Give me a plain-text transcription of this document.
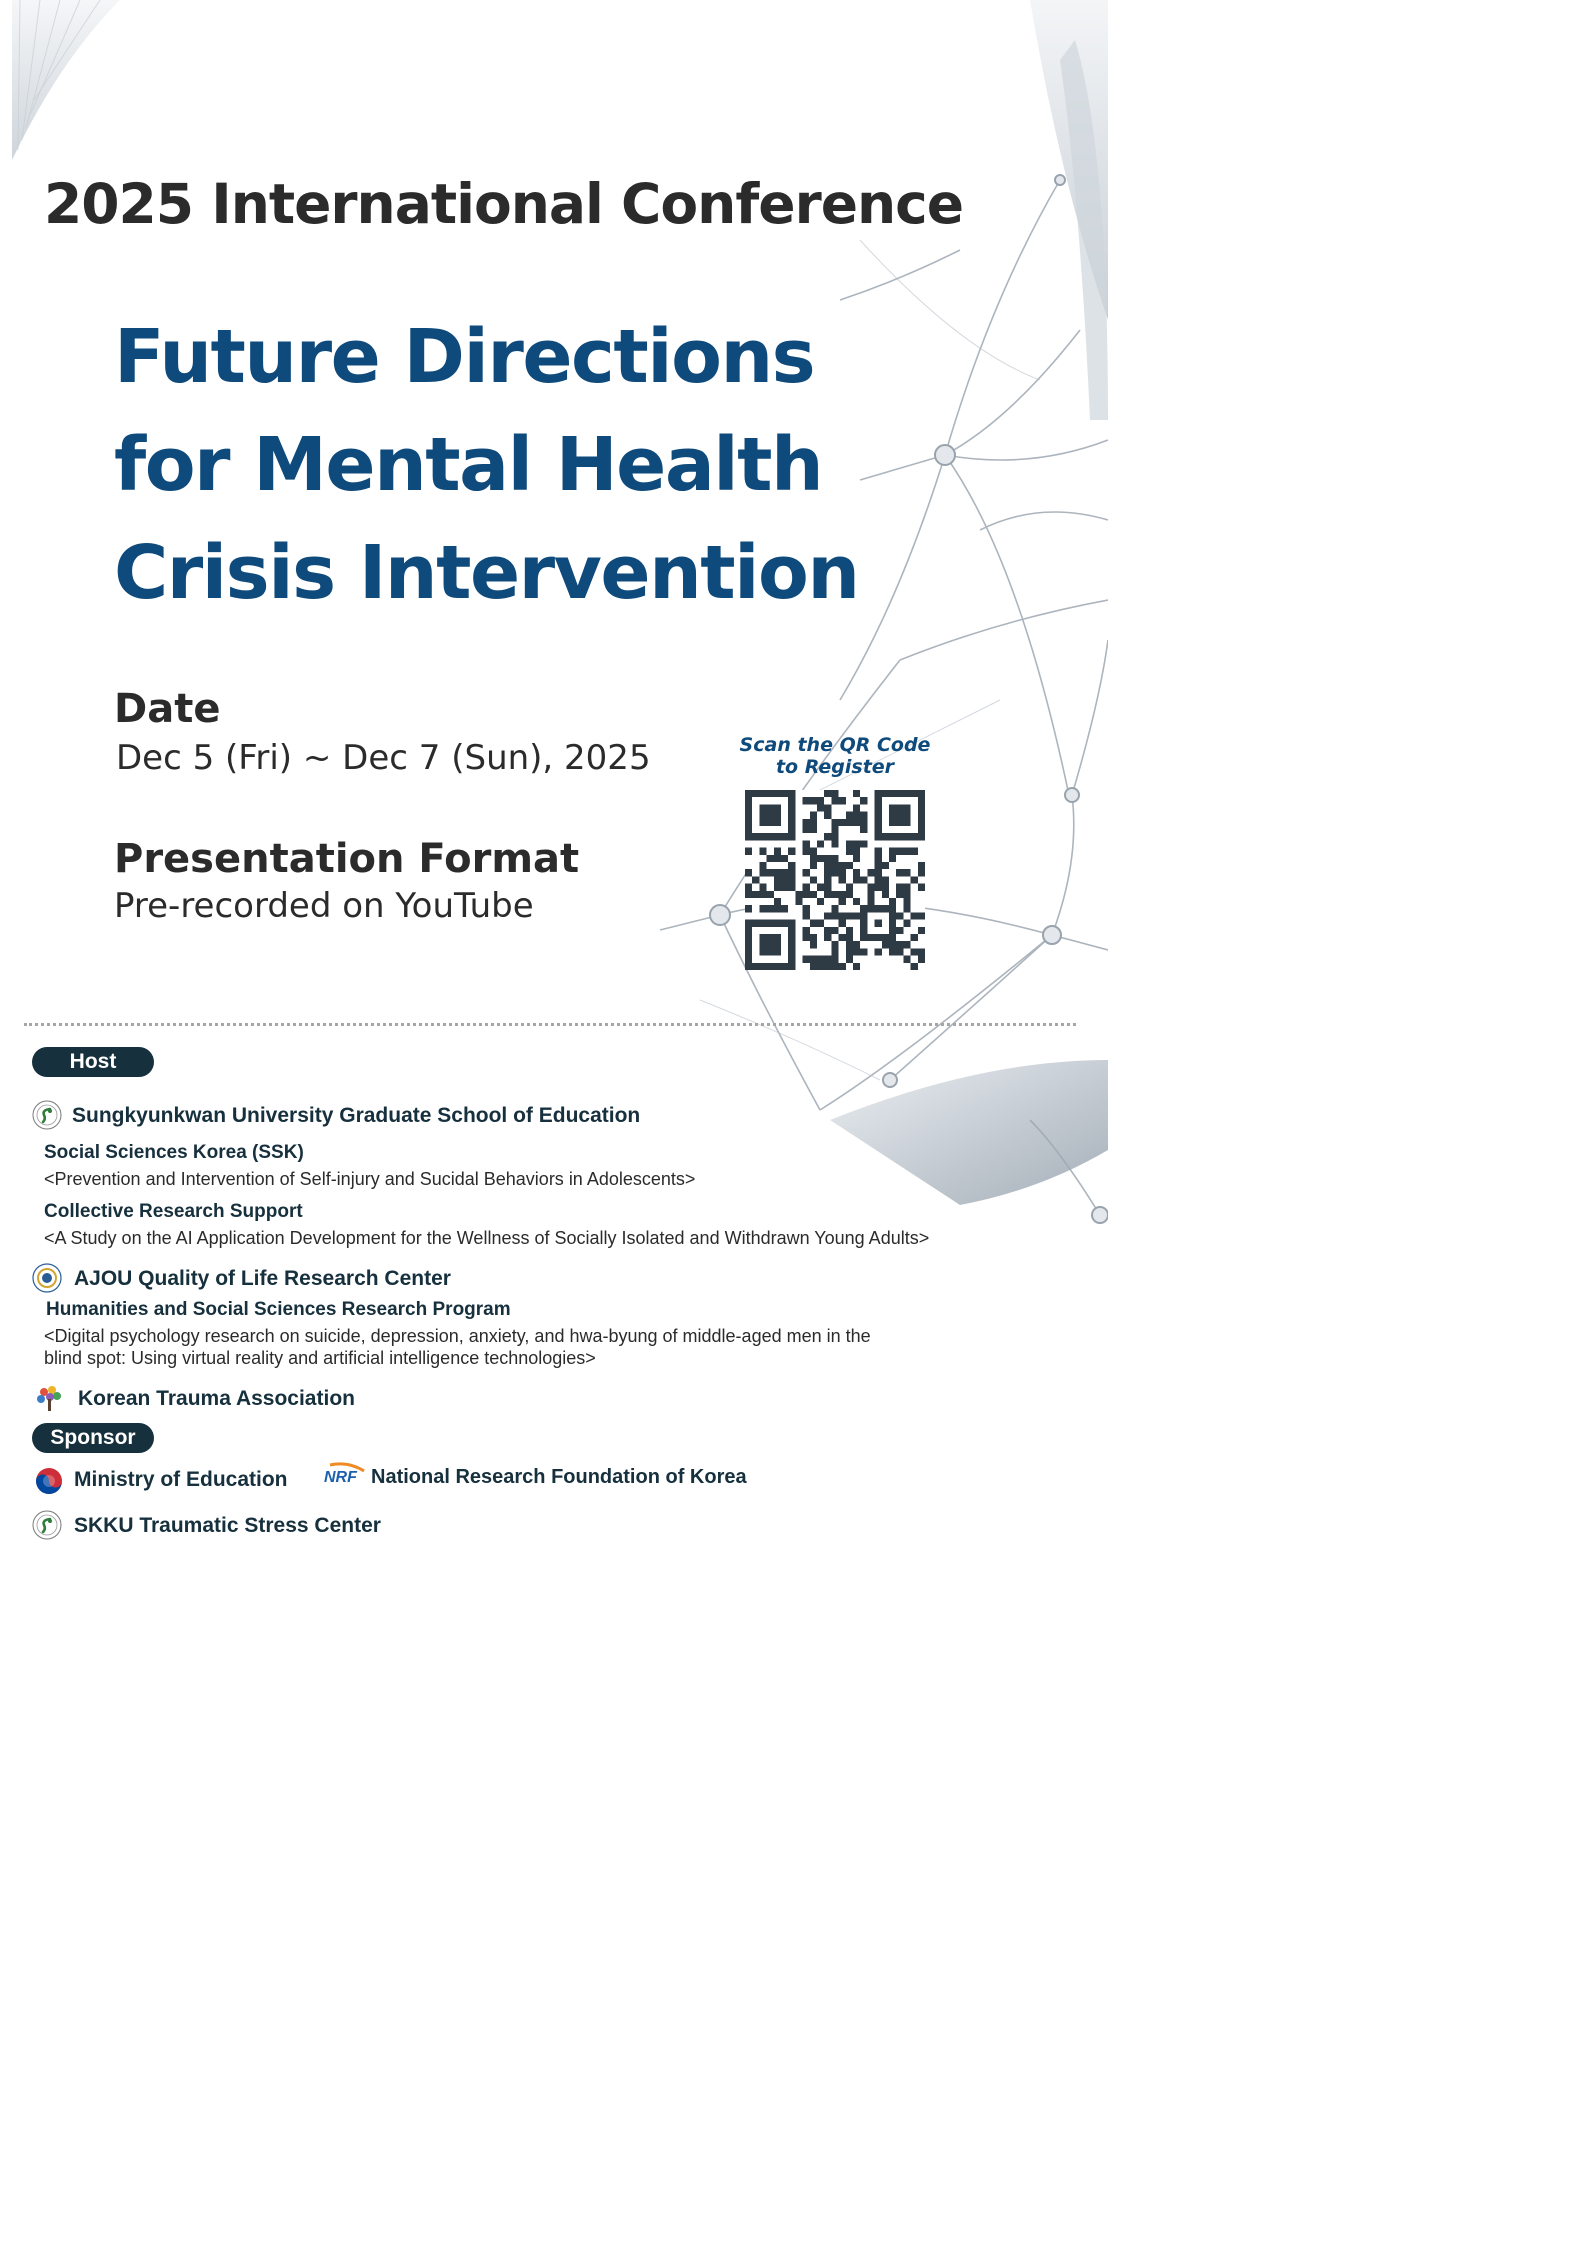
2025 International Conference
Future Directions
for Mental Health
Crisis Intervention
Date
Dec 5 (Fri) ~ Dec 7 (Sun), 2025
Presentation Format
Pre-recorded on YouTube
Scan the QR Code
to Register
Host
Sungkyunkwan University Graduate School of Education
Social Sciences Korea (SSK)
<Prevention and Intervention of Self-injury and Sucidal Behaviors in Adolescents>
Collective Research Support
<A Study on the AI Application Development for the Wellness of Socially Isolated and Withdrawn Young Adults>
AJOU Quality of Life Research Center
Humanities and Social Sciences Research Program
<Digital psychology research on suicide, depression, anxiety, and hwa-byung of middle-aged men in the
blind spot: Using virtual reality and artificial intelligence technologies>
Korean Trauma Association
Sponsor
Ministry of Education NRF National Research Foundation of Korea
SKKU Traumatic Stress Center
